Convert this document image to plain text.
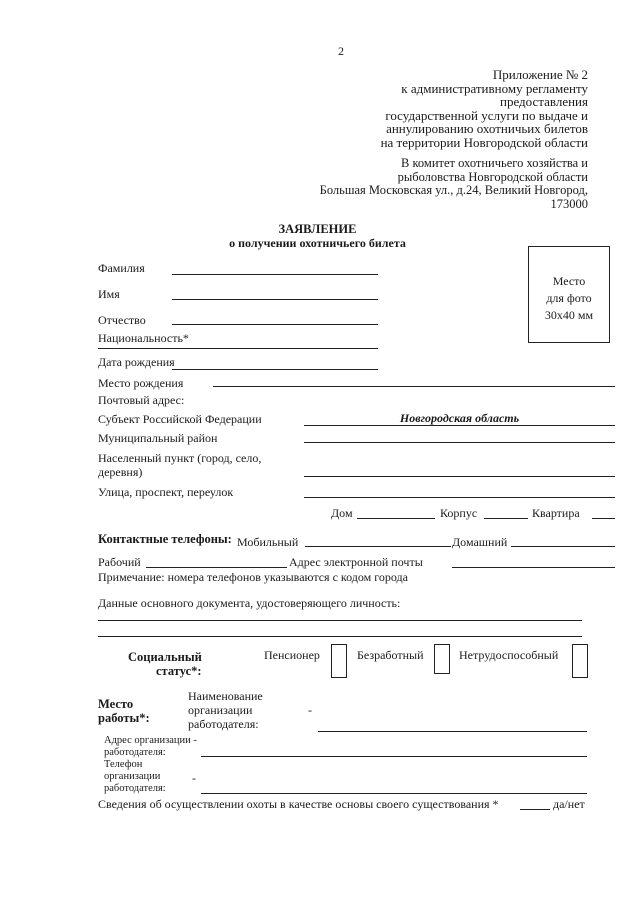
2
Приложение № 2
к административному регламенту
предоставления
государственной услуги по выдаче и
аннулированию охотничьих билетов
на территории Новгородской области
В комитет охотничьего хозяйства и
рыболовства Новгородской области
Большая Московская ул., д.24, Великий Новгород,
173000
ЗАЯВЛЕНИЕ
о получении охотничьего билета
Место
для фото
30х40 мм
Фамилия
Имя
Отчество
Национальность*
Дата рождения
Место рождения
Почтовый адрес:
Субъект Российской Федерации	Новгородская область
Муниципальный район
Населенный пункт (город, село,
деревня)
Улица, проспект, переулок
Дом	Корпус	Квартира
Контактные телефоны: Мобильный	Домашний
Рабочий	Адрес электронной почты
Примечание: номера телефонов указываются с кодом города
Данные основного документа, удостоверяющего личность:
Социальный
статус*:
Пенсионер	Безработный	Нетрудоспособный
Место
работы*:
Наименование
организации
работодателя:
-
Адрес организации -
работодателя:
Телефон
организации	-
работодателя:
Сведения об осуществлении охоты в качестве основы своего существования *	да/нет
